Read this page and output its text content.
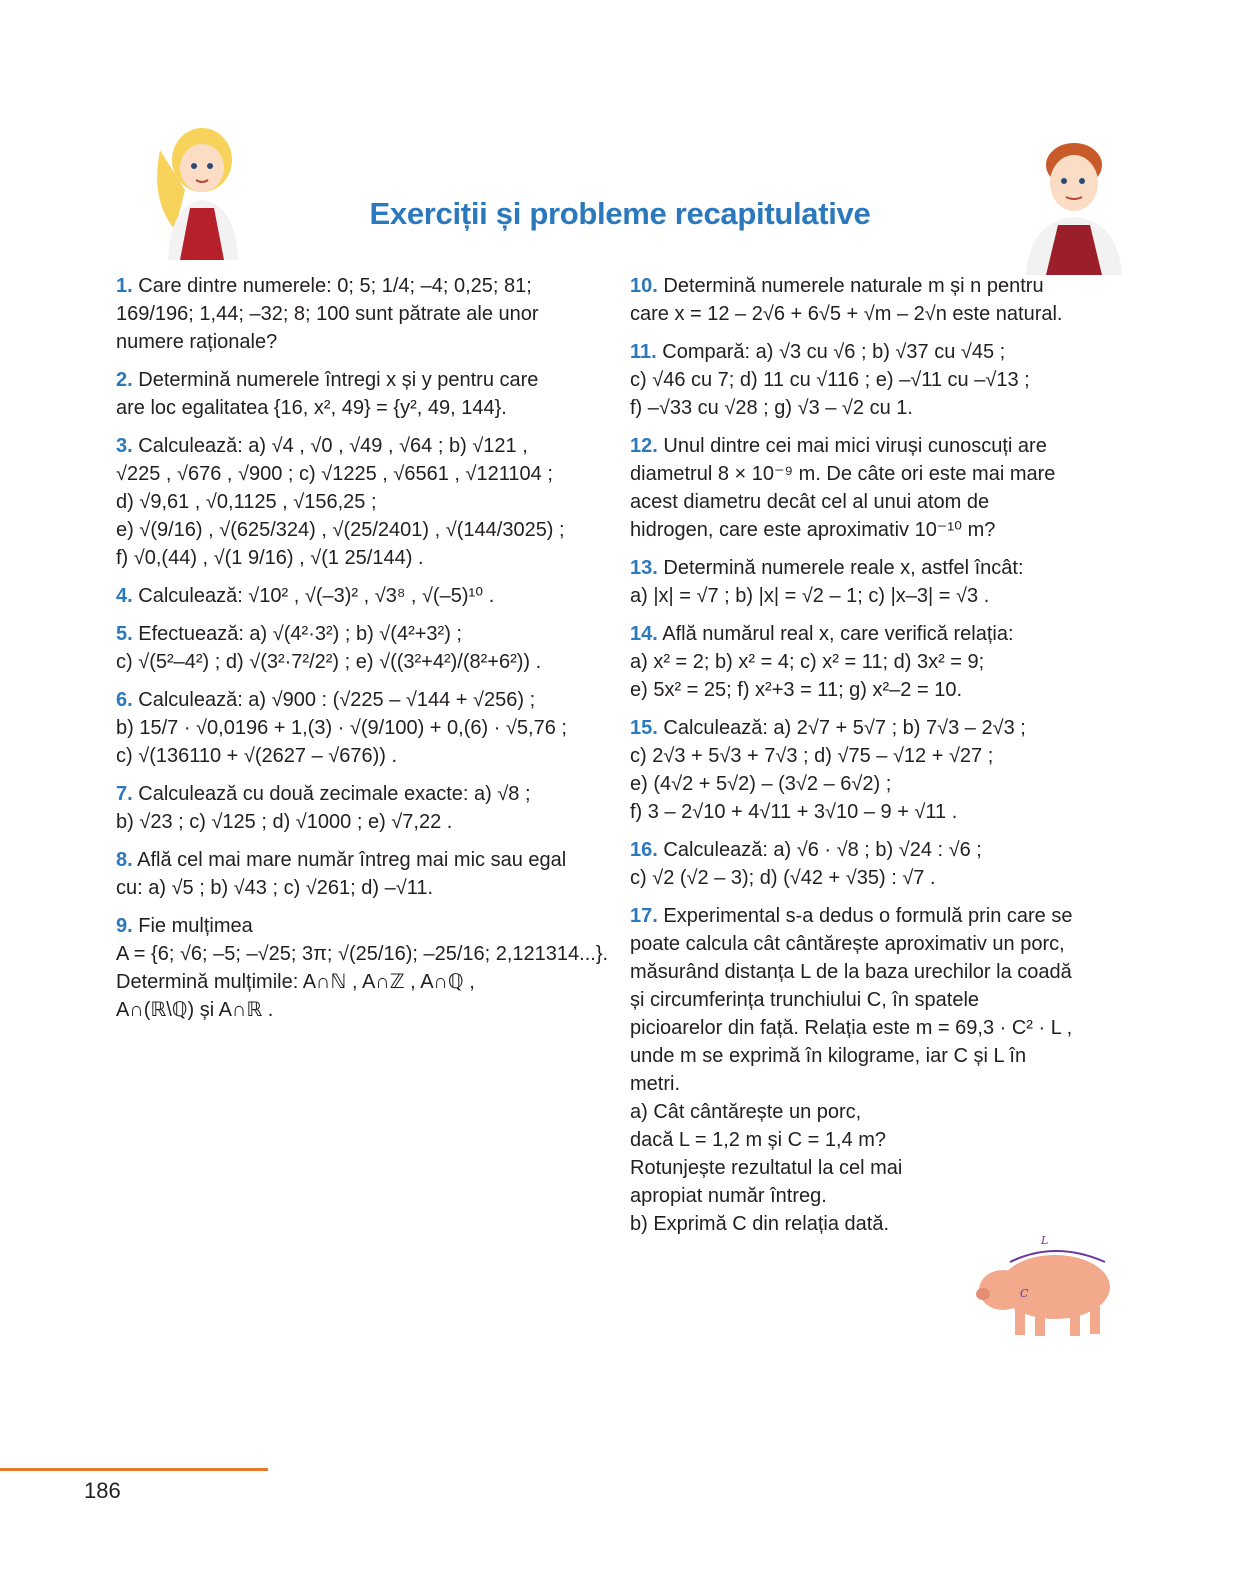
L
C
Exerciții și probleme recapitulative

1. Care dintre numerele: 0; 5; 1/4; –4; 0,25; 81;

169/196; 1,44; –32; 8; 100 sunt pătrate ale unor

numere raționale?

2. Determină numerele întregi x și y pentru care

are loc egalitatea {16, x², 49} = {y², 49, 144}.

3. Calculează: a) √4 , √0 , √49 , √64 ; b) √121 ,

√225 , √676 , √900 ; c) √1225 , √6561 , √121104 ;

d) √9,61 , √0,1125 , √156,25 ;

e) √(9/16) , √(625/324) , √(25/2401) , √(144/3025) ;

f) √0,(44) , √(1 9/16) , √(1 25/144) .

4. Calculează: √10² , √(–3)² , √3⁸ , √(–5)¹⁰ .

5. Efectuează: a) √(4²·3²) ; b) √(4²+3²) ;

c) √(5²–4²) ; d) √(3²·7²/2²) ; e) √((3²+4²)/(8²+6²)) .

6. Calculează: a) √900 : (√225 – √144 + √256) ;

b) 15/7 · √0,0196 + 1,(3) · √(9/100) + 0,(6) · √5,76 ;

c) √(136110 + √(2627 – √676)) .

7. Calculează cu două zecimale exacte: a) √8 ;

b) √23 ; c) √125 ; d) √1000 ; e) √7,22 .

8. Află cel mai mare număr întreg mai mic sau egal

cu: a) √5 ; b) √43 ; c) √261; d) –√11.

9. Fie mulțimea

A = {6; √6; –5; –√25; 3π; √(25/16); –25/16; 2,121314...}.

Determină mulțimile: A∩ℕ , A∩ℤ , A∩ℚ ,

A∩(ℝ\ℚ) și A∩ℝ .

10. Determină numerele naturale m și n pentru

care x = 12 – 2√6 + 6√5 + √m – 2√n este natural.

11. Compară: a) √3 cu √6 ; b) √37 cu √45 ;

c) √46 cu 7; d) 11 cu √116 ; e) –√11 cu –√13 ;

f) –√33 cu √28 ; g) √3 – √2 cu 1.

12. Unul dintre cei mai mici viruși cunoscuți are

diametrul 8 × 10⁻⁹ m. De câte ori este mai mare

acest diametru decât cel al unui atom de

hidrogen, care este aproximativ 10⁻¹⁰ m?

13. Determină numerele reale x, astfel încât:

a) |x| = √7 ; b) |x| = √2 – 1; c) |x–3| = √3 .

14. Află numărul real x, care verifică relația:

a) x² = 2; b) x² = 4; c) x² = 11; d) 3x² = 9;

e) 5x² = 25; f) x²+3 = 11; g) x²–2 = 10.

15. Calculează: a) 2√7 + 5√7 ; b) 7√3 – 2√3 ;

c) 2√3 + 5√3 + 7√3 ; d) √75 – √12 + √27 ;

e) (4√2 + 5√2) – (3√2 – 6√2) ;

f) 3 – 2√10 + 4√11 + 3√10 – 9 + √11 .

16. Calculează: a) √6 · √8 ; b) √24 : √6 ;

c) √2 (√2 – 3); d) (√42 + √35) : √7 .

17. Experimental s-a dedus o formulă prin care se

poate calcula cât cântărește aproximativ un porc,

măsurând distanța L de la baza urechilor la coadă

și circumferința trunchiului C, în spatele

picioarelor din față. Relația este m = 69,3 · C² · L ,

unde m se exprimă în kilograme, iar C și L în

metri.

a) Cât cântărește un porc,

dacă L = 1,2 m și C = 1,4 m?

Rotunjește rezultatul la cel mai

apropiat număr întreg.

b) Exprimă C din relația dată.

186
